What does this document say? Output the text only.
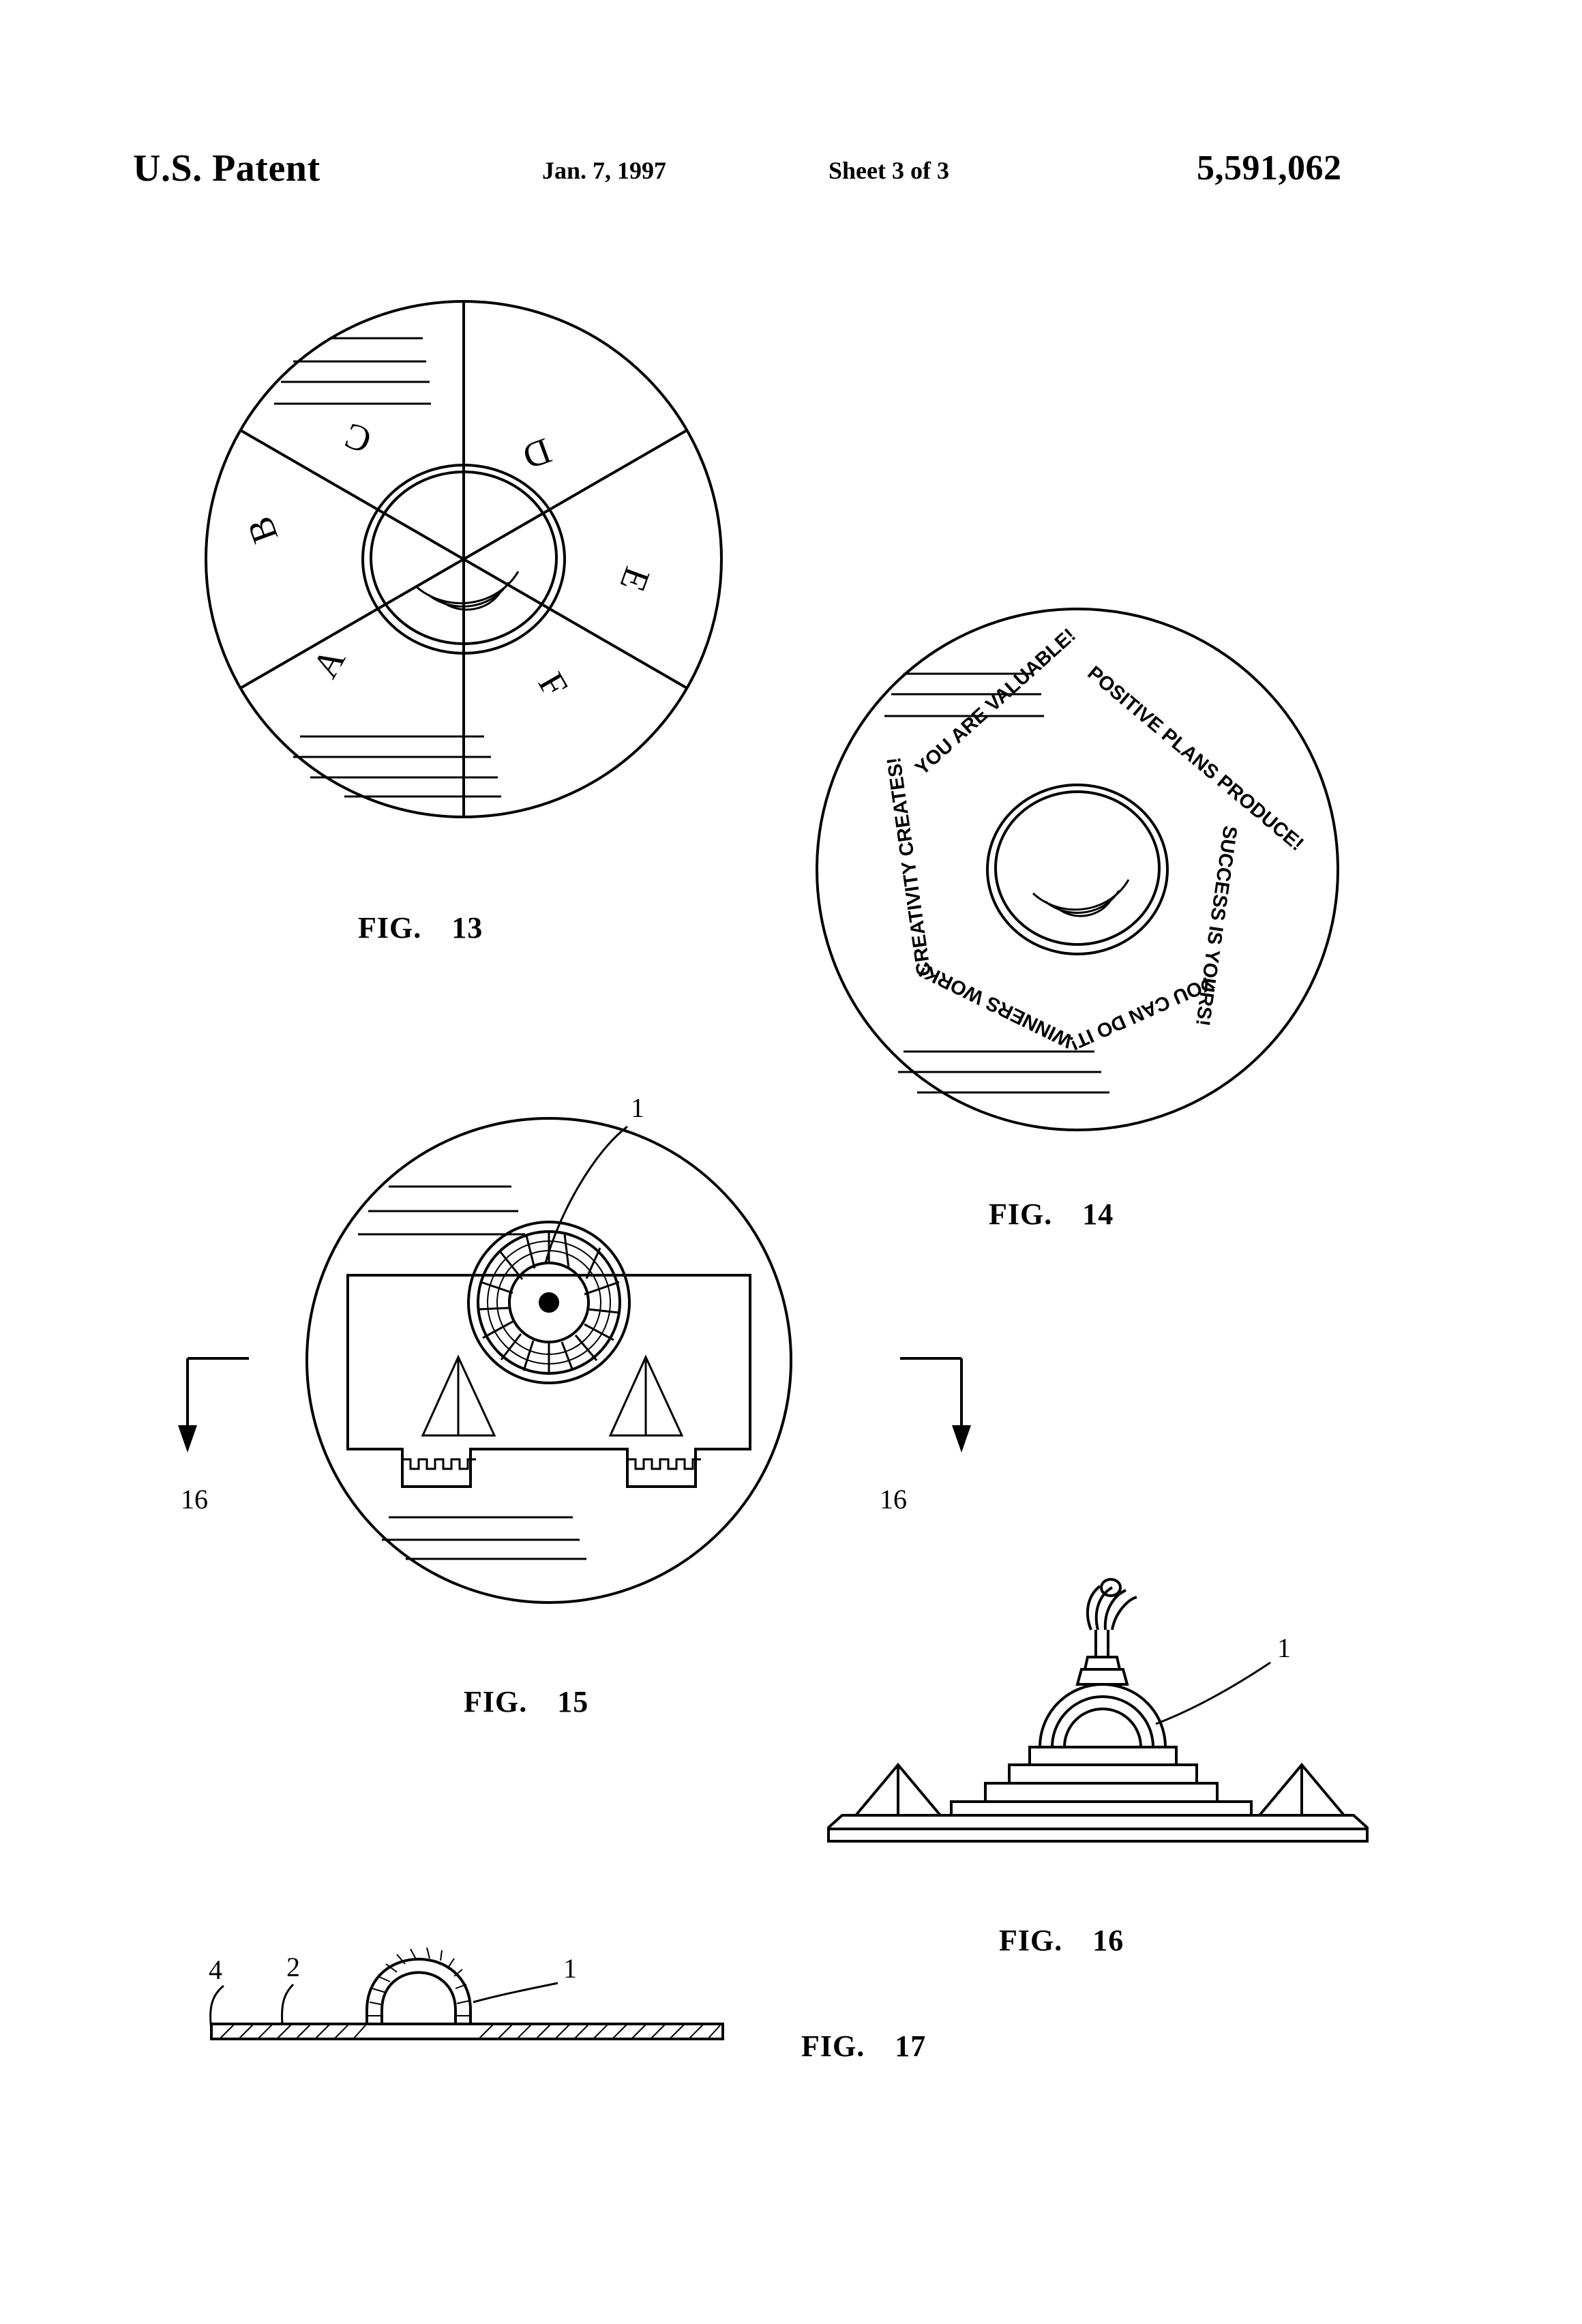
U.S. Patent	Jan. 7, 1997	Sheet 3 of 3	5,591,062
A
B
C	D
E
F
FIG. 13
POSITIVE PLANS PRODUCE!
SUCCESS IS YOURS!
YOU CAN DO IT!
WINNERS WORK!
CREATIVITY CREATES!
YOU ARE VALUABLE!
FIG. 14
1
16	16
FIG. 15
1
FIG. 16
4 2	1
FIG. 17
